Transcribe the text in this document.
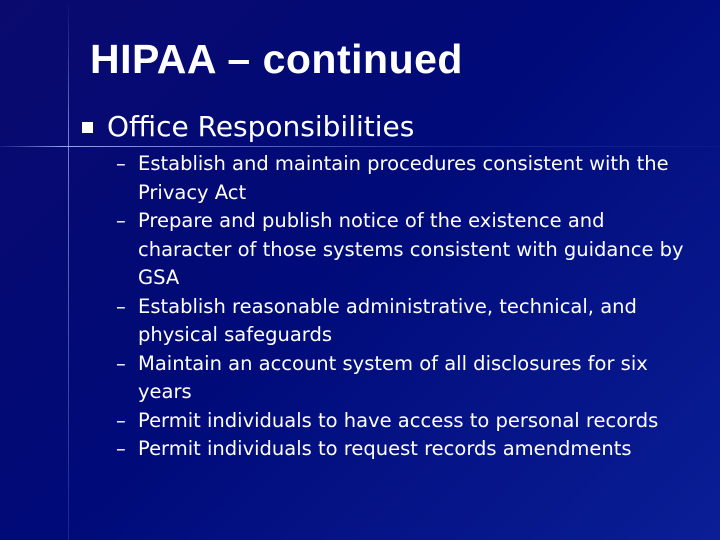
HIPAA – continued
Office Responsibilities
– Establish and maintain procedures consistent with the Privacy Act
– Prepare and publish notice of the existence and character of those systems consistent with guidance by GSA
– Establish reasonable administrative, technical, and physical safeguards
– Maintain an account system of all disclosures for six years
– Permit individuals to have access to personal records
– Permit individuals to request records amendments
